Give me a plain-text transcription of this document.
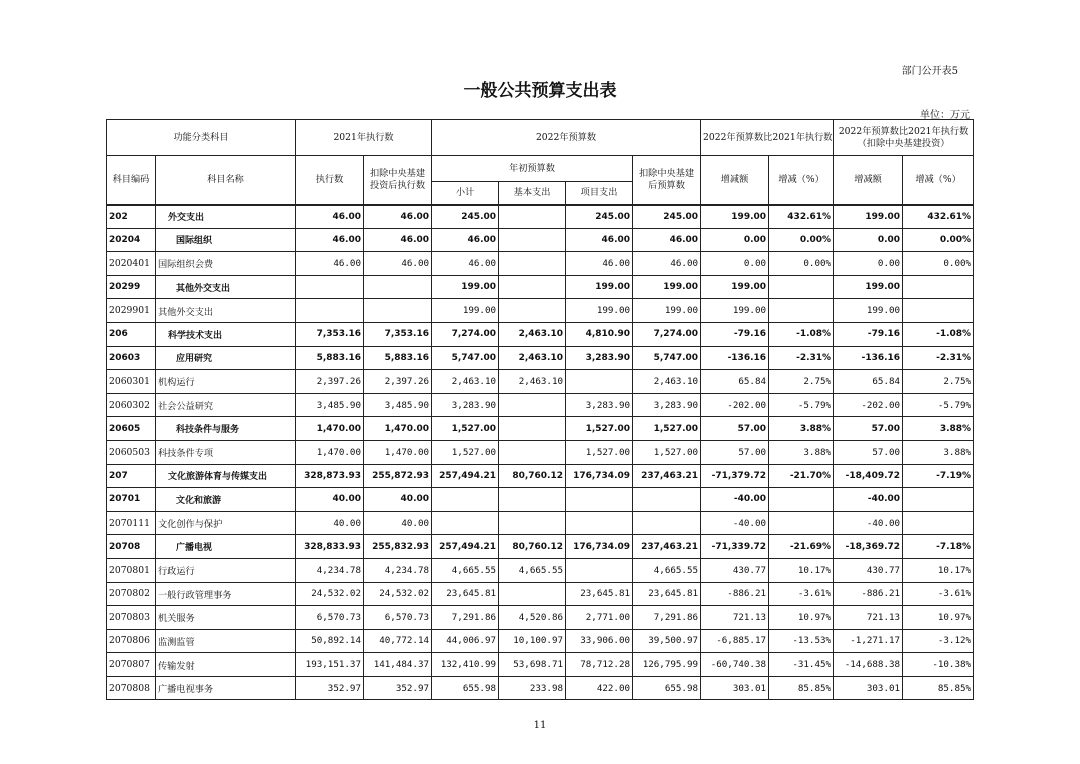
部门公开表5
一般公共预算支出表
单位：万元
功能分类科目		2021年执行数		2022年预算数				2022年预算数比2021年执行数		2022年预算数比2021年执行数（扣除中央基建投资）	
科目编码	科目名称	执行数	扣除中央基建投资后执行数	年初预算数			扣除中央基建后预算数	增减额	增减（%）	增减额	增减（%）
				小计	基本支出	项目支出					
202	外交支出	46.00	46.00	245.00		245.00	245.00	199.00	432.61%	199.00	432.61%
20204	国际组织	46.00	46.00	46.00		46.00	46.00	0.00	0.00%	0.00	0.00%
2020401	国际组织会费	46.00	46.00	46.00		46.00	46.00	0.00	0.00%	0.00	0.00%
20299	其他外交支出			199.00		199.00	199.00	199.00		199.00	
2029901	其他外交支出			199.00		199.00	199.00	199.00		199.00	
206	科学技术支出	7,353.16	7,353.16	7,274.00	2,463.10	4,810.90	7,274.00	-79.16	-1.08%	-79.16	-1.08%
20603	应用研究	5,883.16	5,883.16	5,747.00	2,463.10	3,283.90	5,747.00	-136.16	-2.31%	-136.16	-2.31%
2060301	机构运行	2,397.26	2,397.26	2,463.10	2,463.10		2,463.10	65.84	2.75%	65.84	2.75%
2060302	社会公益研究	3,485.90	3,485.90	3,283.90		3,283.90	3,283.90	-202.00	-5.79%	-202.00	-5.79%
20605	科技条件与服务	1,470.00	1,470.00	1,527.00		1,527.00	1,527.00	57.00	3.88%	57.00	3.88%
2060503	科技条件专项	1,470.00	1,470.00	1,527.00		1,527.00	1,527.00	57.00	3.88%	57.00	3.88%
207	文化旅游体育与传媒支出	328,873.93	255,872.93	257,494.21	80,760.12	176,734.09	237,463.21	-71,379.72	-21.70%	-18,409.72	-7.19%
20701	文化和旅游	40.00	40.00					-40.00		-40.00	
2070111	文化创作与保护	40.00	40.00					-40.00		-40.00	
20708	广播电视	328,833.93	255,832.93	257,494.21	80,760.12	176,734.09	237,463.21	-71,339.72	-21.69%	-18,369.72	-7.18%
2070801	行政运行	4,234.78	4,234.78	4,665.55	4,665.55		4,665.55	430.77	10.17%	430.77	10.17%
2070802	一般行政管理事务	24,532.02	24,532.02	23,645.81		23,645.81	23,645.81	-886.21	-3.61%	-886.21	-3.61%
2070803	机关服务	6,570.73	6,570.73	7,291.86	4,520.86	2,771.00	7,291.86	721.13	10.97%	721.13	10.97%
2070806	监测监管	50,892.14	40,772.14	44,006.97	10,100.97	33,906.00	39,500.97	-6,885.17	-13.53%	-1,271.17	-3.12%
2070807	传输发射	193,151.37	141,484.37	132,410.99	53,698.71	78,712.28	126,795.99	-60,740.38	-31.45%	-14,688.38	-10.38%
2070808	广播电视事务	352.97	352.97	655.98	233.98	422.00	655.98	303.01	85.85%	303.01	85.85%
11
